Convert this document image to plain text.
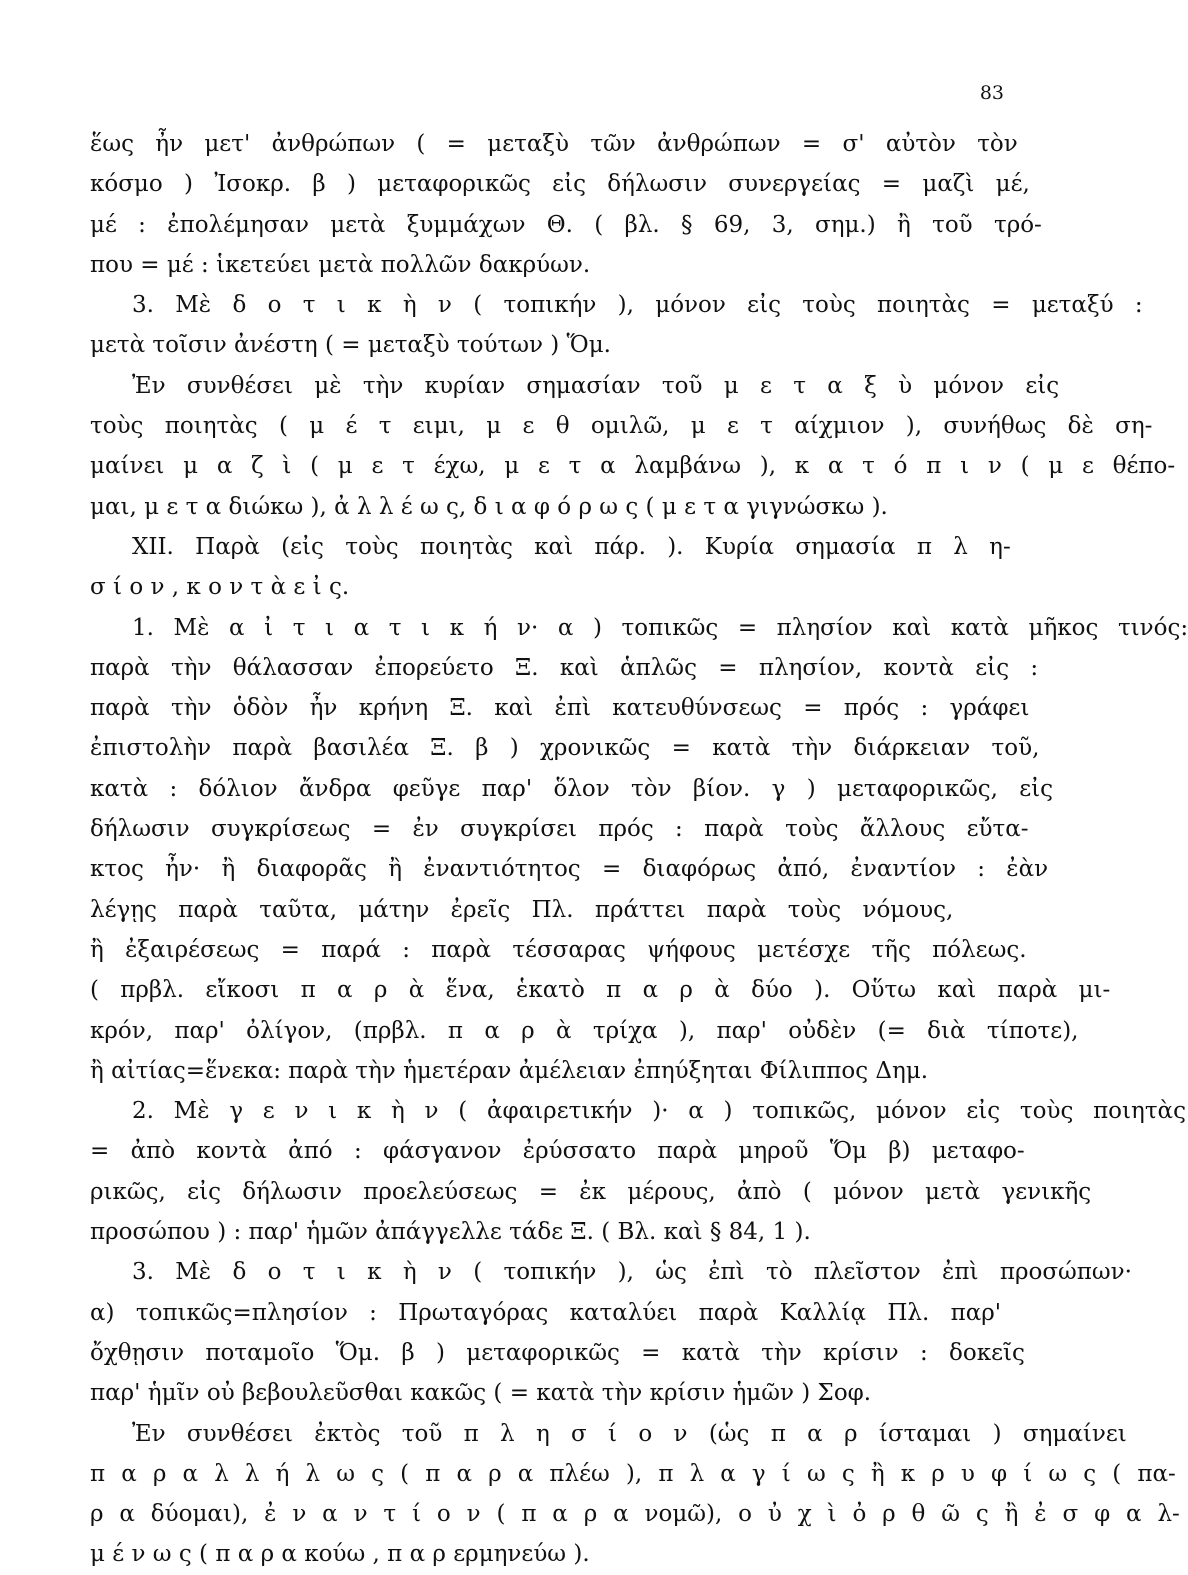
83
ἕως ἦν μετ' ἀνθρώπων ( = μεταξὺ τῶν ἀνθρώπων = σ' αὐτὸν τὸν
κόσμο ) Ἰσοκρ. β ) μεταφορικῶς εἰς δήλωσιν συνεργείας = μαζὶ μέ,
μέ : ἐπολέμησαν μετὰ ξυμμάχων Θ. ( βλ. § 69, 3, σημ.) ἢ τοῦ τρό-
που = μέ : ἱκετεύει μετὰ πολλῶν δακρύων.
3. Μὲ δ ο τ ι κ ὴ ν ( τοπικήν ), μόνον εἰς τοὺς ποιητὰς = μεταξύ :
μετὰ τοῖσιν ἀνέστη ( = μεταξὺ τούτων ) Ὅμ.
Ἐν συνθέσει μὲ τὴν κυρίαν σημασίαν τοῦ μ ε τ α ξ ὺ μόνον εἰς
τοὺς ποιητὰς ( μ έ τ ειμι, μ ε θ ομιλῶ, μ ε τ αίχμιον ), συνήθως δὲ ση-
μαίνει μ α ζ ὶ ( μ ε τ έχω, μ ε τ α λαμβάνω ), κ α τ ό π ι ν ( μ ε θέπο-
μαι, μ ε τ α διώκω ), ἀ λ λ έ ω ς, δ ι α φ ό ρ ω ς ( μ ε τ α γιγνώσκω ).
XII. Παρὰ (εἰς τοὺς ποιητὰς καὶ πάρ. ). Κυρία σημασία π λ η-
σ ί ο ν , κ ο ν τ ὰ ε ἰ ς.
1. Μὲ α ἰ τ ι α τ ι κ ή ν· α ) τοπικῶς = πλησίον καὶ κατὰ μῆκος τινός:
παρὰ τὴν θάλασσαν ἐπορεύετο Ξ. καὶ ἁπλῶς = πλησίον, κοντὰ εἰς :
παρὰ τὴν ὁδὸν ἦν κρήνη Ξ. καὶ ἐπὶ κατευθύνσεως = πρός : γράφει
ἐπιστολὴν παρὰ βασιλέα Ξ. β ) χρονικῶς = κατὰ τὴν διάρκειαν τοῦ,
κατὰ : δόλιον ἄνδρα φεῦγε παρ' ὅλον τὸν βίον. γ ) μεταφορικῶς, εἰς
δήλωσιν συγκρίσεως = ἐν συγκρίσει πρός : παρὰ τοὺς ἄλλους εὔτα-
κτος ἦν· ἢ διαφορᾶς ἢ ἐναντιότητος = διαφόρως ἀπό, ἐναντίον : ἐὰν
λέγῃς παρὰ ταῦτα, μάτην ἐρεῖς Πλ. πράττει παρὰ τοὺς νόμους,
ἢ ἐξαιρέσεως = παρά : παρὰ τέσσαρας ψήφους μετέσχε τῆς πόλεως.
( πρβλ. εἴκοσι π α ρ ὰ ἕνα, ἑκατὸ π α ρ ὰ δύο ). Οὕτω καὶ παρὰ μι-
κρόν, παρ' ὀλίγον, (πρβλ. π α ρ ὰ τρίχα ), παρ' οὐδὲν (= διὰ τίποτε),
ἢ αἰτίας=ἕνεκα: παρὰ τὴν ἡμετέραν ἀμέλειαν ἐπηύξηται Φίλιππος Δημ.
2. Μὲ γ ε ν ι κ ὴ ν ( ἀφαιρετικήν )· α ) τοπικῶς, μόνον εἰς τοὺς ποιητὰς
= ἀπὸ κοντὰ ἀπό : φάσγανον ἐρύσσατο παρὰ μηροῦ Ὅμ β) μεταφο-
ρικῶς, εἰς δήλωσιν προελεύσεως = ἐκ μέρους, ἀπὸ ( μόνον μετὰ γενικῆς
προσώπου ) : παρ' ἡμῶν ἀπάγγελλε τάδε Ξ. ( Βλ. καὶ § 84, 1 ).
3. Μὲ δ ο τ ι κ ὴ ν ( τοπικήν ), ὡς ἐπὶ τὸ πλεῖστον ἐπὶ προσώπων·
α) τοπικῶς=πλησίον : Πρωταγόρας καταλύει παρὰ Καλλίᾳ Πλ. παρ'
ὄχθῃσιν ποταμοῖο Ὅμ. β ) μεταφορικῶς = κατὰ τὴν κρίσιν : δοκεῖς
παρ' ἡμῖν οὐ βεβουλεῦσθαι κακῶς ( = κατὰ τὴν κρίσιν ἡμῶν ) Σοφ.
Ἐν συνθέσει ἐκτὸς τοῦ π λ η σ ί ο ν (ὡς π α ρ ίσταμαι ) σημαίνει
π α ρ α λ λ ή λ ω ς ( π α ρ α πλέω ), π λ α γ ί ω ς ἢ κ ρ υ φ ί ω ς ( πα-
ρ α δύομαι), ἐ ν α ν τ ί ο ν ( π α ρ α νομῶ), ο ὐ χ ὶ ὀ ρ θ ῶ ς ἢ ἐ σ φ α λ-
μ έ ν ω ς ( π α ρ α κούω , π α ρ ερμηνεύω ).
